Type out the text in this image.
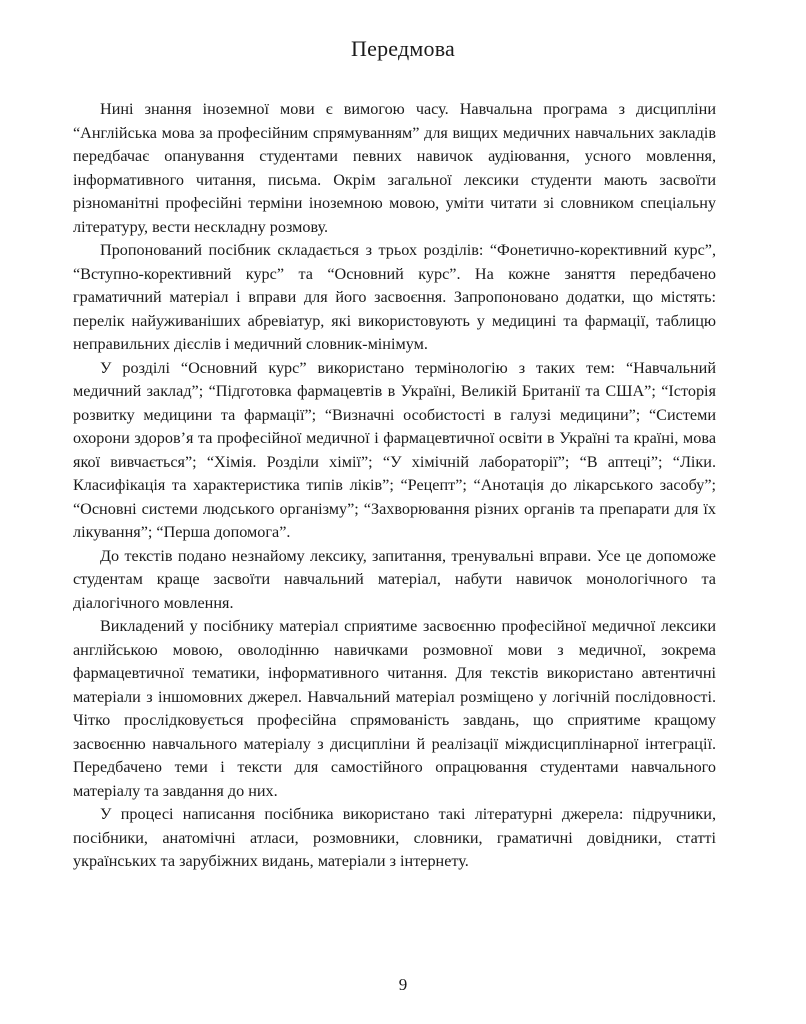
Передмова

Нині знання іноземної мови є вимогою часу. Навчальна програма з дисципліни “Англійська мова за професійним спрямуванням” для вищих медичних навчальних закладів передбачає опанування студентами певних навичок аудіювання, усного мовлення, інформативного читання, письма. Окрім загальної лексики студенти мають засвоїти різноманітні професійні терміни іноземною мовою, уміти читати зі словником спеціальну літературу, вести нескладну розмову.

Пропонований посібник складається з трьох розділів: “Фонетично-корективний курс”, “Вступно-корективний курс” та “Основний курс”. На кожне заняття передбачено граматичний матеріал і вправи для його засвоєння. Запропоновано додатки, що містять: перелік найуживаніших абревіатур, які використовують у медицині та фармації, таблицю неправильних дієслів і медичний словник-мінімум.

У розділі “Основний курс” використано термінологію з таких тем: “Навчальний медичний заклад”; “Підготовка фармацевтів в Україні, Великій Британії та США”; “Історія розвитку медицини та фармації”; “Визначні особистості в галузі медицини”; “Системи охорони здоров’я та професійної медичної і фармацевтичної освіти в Україні та країні, мова якої вивчається”; “Хімія. Розділи хімії”; “У хімічній лабораторії”; “В аптеці”; “Ліки. Класифікація та характеристика типів ліків”; “Рецепт”; “Анотація до лікарського засобу”; “Основні системи людського організму”; “Захворювання різних органів та препарати для їх лікування”; “Перша допомога”.

До текстів подано незнайому лексику, запитання, тренувальні вправи. Усе це допоможе студентам краще засвоїти навчальний матеріал, набути навичок монологічного та діалогічного мовлення.

Викладений у посібнику матеріал сприятиме засвоєнню професійної медичної лексики англійською мовою, оволодінню навичками розмовної мови з медичної, зокрема фармацевтичної тематики, інформативного читання. Для текстів використано автентичні матеріали з іншомовних джерел. Навчальний матеріал розміщено у логічній послідовності. Чітко прослідковується професійна спрямованість завдань, що сприятиме кращому засвоєнню навчального матеріалу з дисципліни й реалізації міждисциплінарної інтеграції. Передбачено теми і тексти для самостійного опрацювання студентами навчального матеріалу та завдання до них.

У процесі написання посібника використано такі літературні джерела: підручники, посібники, анатомічні атласи, розмовники, словники, граматичні довідники, статті українських та зарубіжних видань, матеріали з інтернету.

9
